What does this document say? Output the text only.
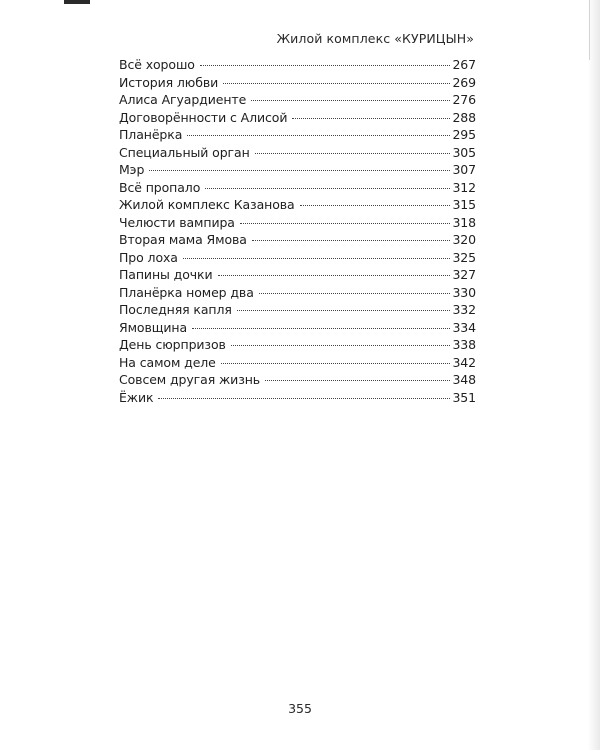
Жилой комплекс «КУРИЦЫН»
Всё хорошо	267
История любви	269
Алиса Агуардиенте	276
Договорённости с Алисой	288
Планёрка	295
Специальный орган	305
Мэр	307
Всё пропало	312
Жилой комплекс Казанова	315
Челюсти вампира	318
Вторая мама Ямова	320
Про лоха	325
Папины дочки	327
Планёрка номер два	330
Последняя капля	332
Ямовщина	334
День сюрпризов	338
На самом деле	342
Совсем другая жизнь	348
Ёжик	351
355
